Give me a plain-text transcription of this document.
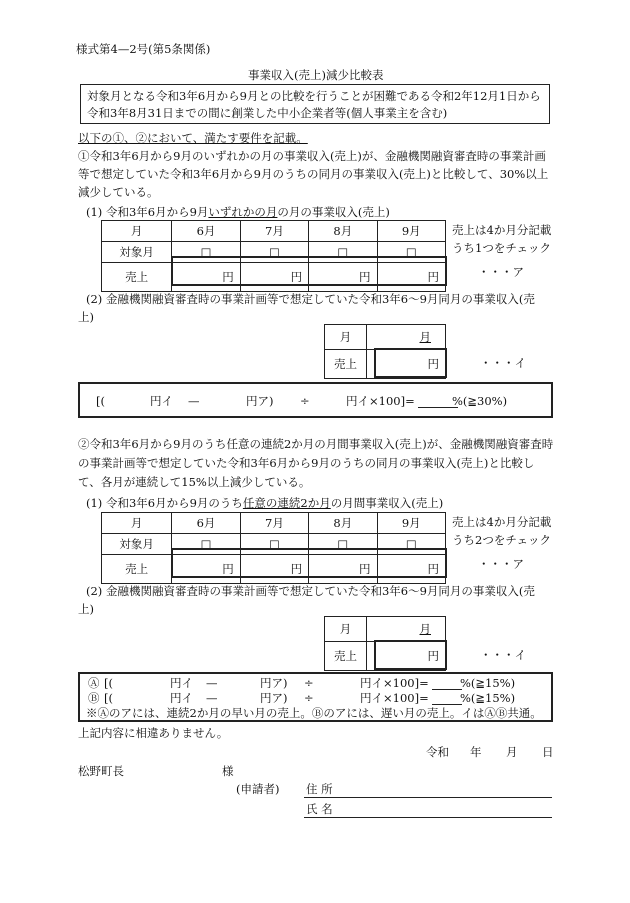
様式第4—2号(第5条関係)
事業収入(売上)減少比較表
対象月となる令和3年6月から9月との比較を行うことが困難である令和2年12月1日から
令和3年8月31日までの間に創業した中小企業者等(個人事業主を含む)
以下の①、②において、満たす要件を記載。
①令和3年6月から9月のいずれかの月の事業収入(売上)が、金融機関融資審査時の事業計画
等で想定していた令和3年6月から9月のうちの同月の事業収入(売上)と比較して、30%以上
減少している。
(1) 令和3年6月から9月いずれかの月の月の事業収入(売上)
月	6月	7月	8月	9月
対象月	□	□	□	□
売上	円	円	円	円
売上は4か月分記載
うち1つをチェック
・・・ア
(2) 金融機関融資審査時の事業計画等で想定していた令和3年6〜9月同月の事業収入(売
上)
月	月
売上	円	・・・イ
[(	円イ —	円ア) ÷	円イ×100]=	%(≧30%)
②令和3年6月から9月のうち任意の連続2か月の月間事業収入(売上)が、金融機関融資審査時
の事業計画等で想定していた令和3年6月から9月のうちの同月の事業収入(売上)と比較し
て、各月が連続して15%以上減少している。
(1) 令和3年6月から9月のうち任意の連続2か月の月間事業収入(売上)
月	6月	7月	8月	9月
対象月	□	□	□	□
売上	円	円	円	円
売上は4か月分記載
うち2つをチェック
・・・ア
(2) 金融機関融資審査時の事業計画等で想定していた令和3年6〜9月同月の事業収入(売
上)
月	月
売上	円	・・・イ
Ⓐ [(	円イ —	円ア) ÷	円イ×100]=	%(≧15%)
Ⓑ [(	円イ —	円ア) ÷	円イ×100]=	%(≧15%)
※Ⓐのアには、連続2か月の早い月の売上。Ⓑのアには、遅い月の売上。イはⒶⒷ共通。
上記内容に相違ありません。
令和 年 月 日
松野町長	様
(申請者) 住 所
氏 名
